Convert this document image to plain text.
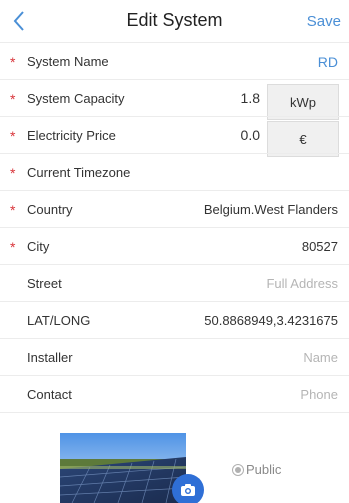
Edit System	Save
* System Name	RD
* System Capacity	1.8 kWp
* Electricity Price	0.0	€
* Current Timezone
* Country	Belgium.West Flanders
* City	80527
Street	Full Address
LAT/LONG	50.8868949,3.4231675
Installer	Name
Contact	Phone
Public
